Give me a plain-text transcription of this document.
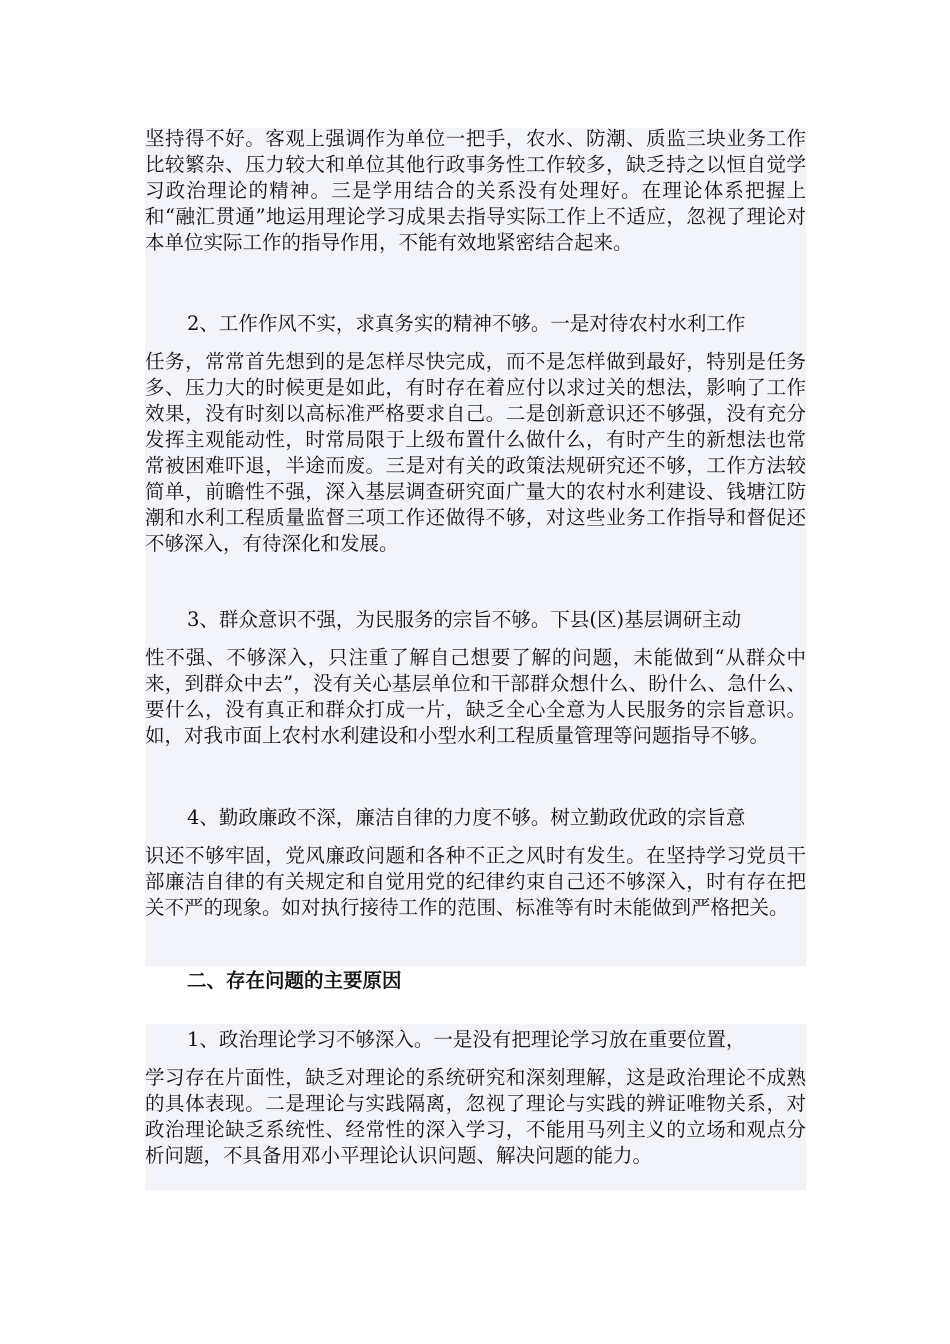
坚持得不好。客观上强调作为单位一把手，农水、防潮、质监三块业务工作比较繁杂、压力较大和单位其他行政事务性工作较多，缺乏持之以恒自觉学习政治理论的精神。三是学用结合的关系没有处理好。在理论体系把握上和“融汇贯通”地运用理论学习成果去指导实际工作上不适应，忽视了理论对本单位实际工作的指导作用，不能有效地紧密结合起来。

2、工作作风不实，求真务实的精神不够。一是对待农村水利工作
任务，常常首先想到的是怎样尽快完成，而不是怎样做到最好，特别是任务多、压力大的时候更是如此，有时存在着应付以求过关的想法，影响了工作效果，没有时刻以高标准严格要求自己。二是创新意识还不够强，没有充分发挥主观能动性，时常局限于上级布置什么做什么，有时产生的新想法也常常被困难吓退，半途而废。三是对有关的政策法规研究还不够，工作方法较简单，前瞻性不强，深入基层调查研究面广量大的农村水利建设、钱塘江防潮和水利工程质量监督三项工作还做得不够，对这些业务工作指导和督促还不够深入，有待深化和发展。

3、群众意识不强，为民服务的宗旨不够。下县(区)基层调研主动
性不强、不够深入，只注重了解自己想要了解的问题，未能做到“从群众中来，到群众中去”，没有关心基层单位和干部群众想什么、盼什么、急什么、要什么，没有真正和群众打成一片，缺乏全心全意为人民服务的宗旨意识。如，对我市面上农村水利建设和小型水利工程质量管理等问题指导不够。

4、勤政廉政不深，廉洁自律的力度不够。树立勤政优政的宗旨意
识还不够牢固，党风廉政问题和各种不正之风时有发生。在坚持学习党员干部廉洁自律的有关规定和自觉用党的纪律约束自己还不够深入，时有存在把关不严的现象。如对执行接待工作的范围、标准等有时未能做到严格把关。

二、存在问题的主要原因

1、政治理论学习不够深入。一是没有把理论学习放在重要位置，
学习存在片面性，缺乏对理论的系统研究和深刻理解，这是政治理论不成熟的具体表现。二是理论与实践隔离，忽视了理论与实践的辨证唯物关系，对政治理论缺乏系统性、经常性的深入学习，不能用马列主义的立场和观点分析问题，不具备用邓小平理论认识问题、解决问题的能力。
